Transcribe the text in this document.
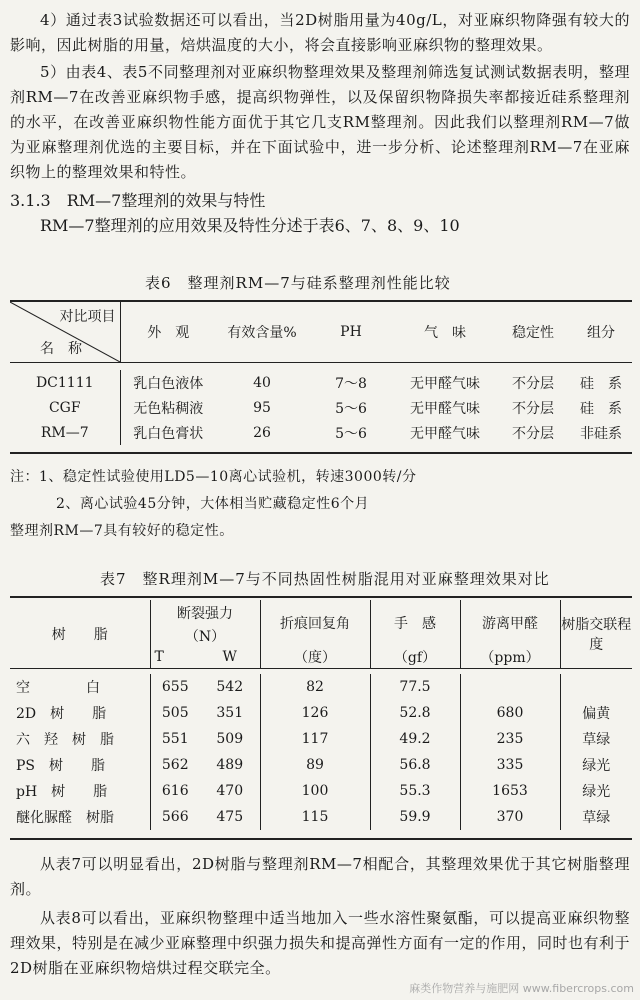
4）通过表3试验数据还可以看出，当2D树脂用量为40g/L，对亚麻织物降强有较大的影响，因此树脂的用量，焙烘温度的大小，将会直接影响亚麻织物的整理效果。

5）由表4、表5不同整理剂对亚麻织物整理效果及整理剂筛选复试测试数据表明，整理剂RM—7在改善亚麻织物手感，提高织物弹性，以及保留织物降损失率都接近硅系整理剂的水平，在改善亚麻织物性能方面优于其它几支RM整理剂。因此我们以整理剂RM—7做为亚麻整理剂优选的主要目标，并在下面试验中，进一步分析、论述整理剂RM—7在亚麻织物上的整理效果和特性。

3.1.3　RM—7整理剂的效果与特性
RM—7整理剂的应用效果及特性分述于表6、7、8、9、10
表6　整理剂RM—7与硅系整理剂性能比较
对比项目
名　称	外　观	有效含量%	PH	气　味	稳定性	组分

DC1111	乳白色液体	40	7～8	无甲醛气味	不分层	硅　系
CGF	无色粘稠液	95	5～6	无甲醛气味	不分层	硅　系
RM—7	乳白色膏状	26	5～6	无甲醛气味	不分层	非硅系
注：1、稳定性试验使用LD5—10离心试验机，转速3000转/分
2、离心试验45分钟，大体相当贮藏稳定性6个月
整理剂RM—7具有较好的稳定性。
表7　整R理剂M—7与不同热固性树脂混用对亚麻整理效果对比
树　　脂	断裂强力		折痕回复角	手　感	游离甲醛	树脂交联程度
	（N）					
	T	W	（度）	（gf）	（ppm）	

空　　　　白	655	542	82	77.5		
2D　树　　脂	505	351	126	52.8	680	偏黄
六　羟　树　脂	551	509	117	49.2	235	草绿
PS　树　　脂	562	489	89	56.8	335	绿光
pH　树　　脂	616	470	100	55.3	1653	绿光
醚化脲醛　树脂	566	475	115	59.9	370	草绿

从表7可以明显看出，2D树脂与整理剂RM—7相配合，其整理效果优于其它树脂整理剂。

从表8可以看出，亚麻织物整理中适当地加入一些水溶性聚氨酯，可以提高亚麻织物整理效果，特别是在减少亚麻整理中织强力损失和提高弹性方面有一定的作用，同时也有利于2D树脂在亚麻织物焙烘过程交联完全。

麻类作物营养与施肥网 www.fibercrops.com
